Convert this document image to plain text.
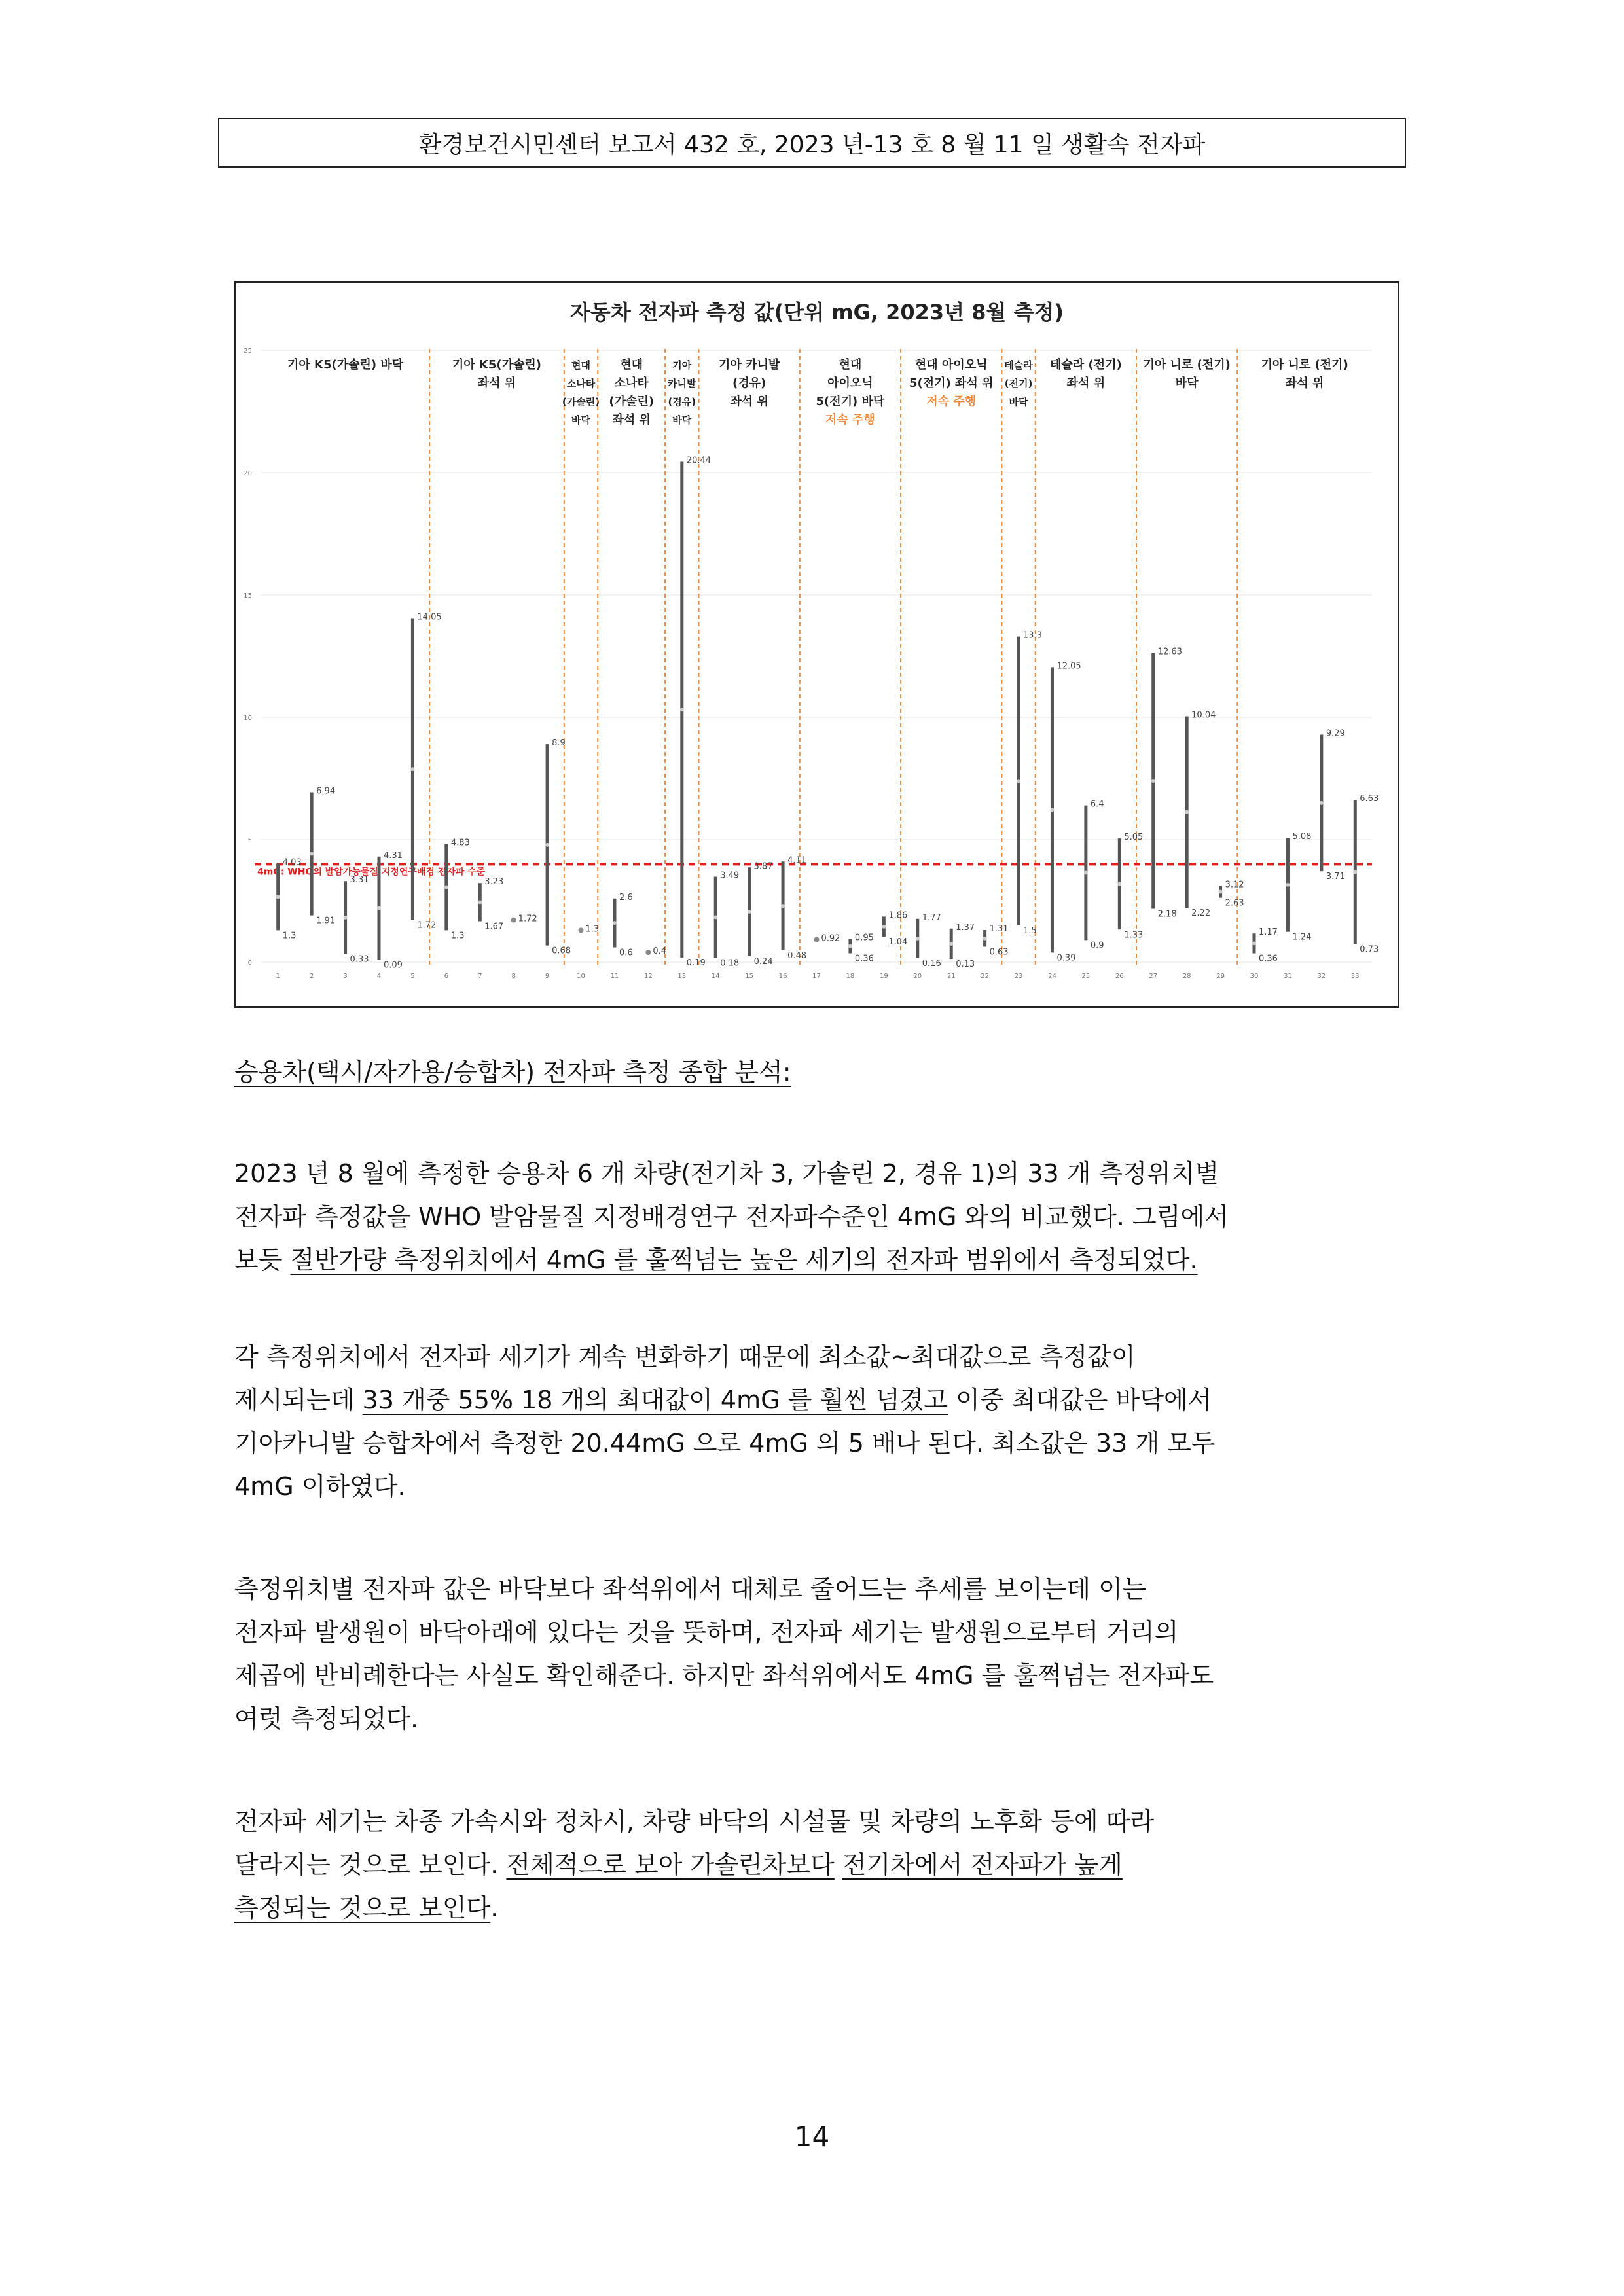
환경보건시민센터 보고서 432 호, 2023 년-13 호 8 월 11 일 생활속 전자파
자동차 전자파 측정 값(단위 mG, 2023년 8월 측정)
0
5
10
15
20
25
기아 K5(가솔린) 바닥	기아 K5(가솔린)
좌석 위
현대
소나타
(가솔린)
바닥
현대
소나타
(가솔린)
좌석 위
기아
카니발
(경유)
바닥
기아 카니발
(경유)
좌석 위
현대
아이오닉
5(전기) 바닥
저속 주행
현대 아이오닉
5(전기) 좌석 위
저속 주행
테슬라
(전기)
바닥
테슬라 (전기)
좌석 위
기아 니로 (전기)
바닥
기아 니로 (전기)
좌석 위
4mG: WHO의 발암가능물질 지정연구배경 전자파 수준
4.03
1.3
6.94
1.91
3.31
0.33
4.31
0.09
14.05
1.72
4.83
1.3
3.23
1.67
1.72
8.9
0.68
1.3
2.6
0.6 0.4
20.44
0.19
3.49
0.18
3.87
0.24
4.11
0.48
0.92 0.95
0.36
1.86
1.04
1.77
0.16
1.37
0.13
1.31
0.63
13.3
1.5
12.05
0.39
6.4
0.9
5.05
1.33
12.63
2.18
10.04
2.22
3.12
2.63
1.17
0.36
5.08
1.24
9.29
3.71
6.63
0.73
1	2	3	4	5	6	7	8	9	10	11	12	13	14	15	16	17	18	19	20	21	22	23	24	25	26	27	28	29	30	31	32	33

승용차(택시/자가용/승합차) 전자파 측정 종합 분석:

2023 년 8 월에 측정한 승용차 6 개 차량(전기차 3, 가솔린 2, 경유 1)의 33 개 측정위치별

전자파 측정값을 WHO 발암물질 지정배경연구 전자파수준인 4mG 와의 비교했다. 그림에서

보듯 절반가량 측정위치에서 4mG 를 훌쩍넘는 높은 세기의 전자파 범위에서 측정되었다.

각 측정위치에서 전자파 세기가 계속 변화하기 때문에 최소값~최대값으로 측정값이

제시되는데 33 개중 55% 18 개의 최대값이 4mG 를 훨씬 넘겼고 이중 최대값은 바닥에서

기아카니발 승합차에서 측정한 20.44mG 으로 4mG 의 5 배나 된다. 최소값은 33 개 모두

4mG 이하였다.

측정위치별 전자파 값은 바닥보다 좌석위에서 대체로 줄어드는 추세를 보이는데 이는

전자파 발생원이 바닥아래에 있다는 것을 뜻하며, 전자파 세기는 발생원으로부터 거리의

제곱에 반비례한다는 사실도 확인해준다. 하지만 좌석위에서도 4mG 를 훌쩍넘는 전자파도

여럿 측정되었다.

전자파 세기는 차종 가속시와 정차시, 차량 바닥의 시설물 및 차량의 노후화 등에 따라

달라지는 것으로 보인다. 전체적으로 보아 가솔린차보다 전기차에서 전자파가 높게

측정되는 것으로 보인다.

14
